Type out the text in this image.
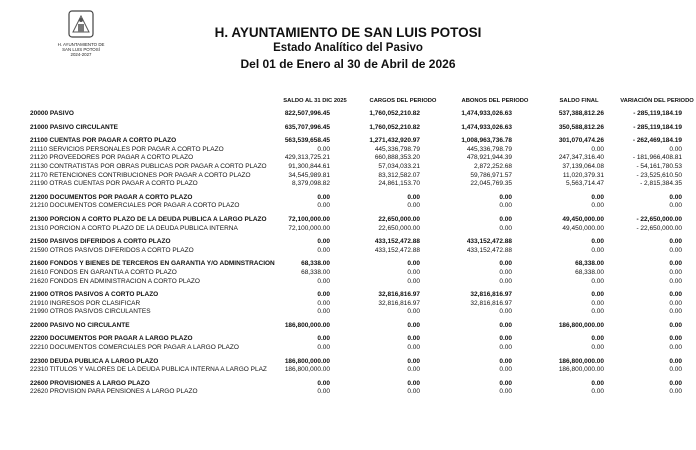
H. AYUNTAMIENTO DE
SAN LUIS POTOSÍ
2024-2027

H. AYUNTAMIENTO DE SAN LUIS POTOSI

Estado Analítico del Pasivo

Del 01 de Enero al 30 de Abril de 2026

SALDO AL 31 DIC 2025	CARGOS DEL PERIODO	ABONOS DEL PERIODO	SALDO FINAL	VARIACIÓN DEL PERIODO
20000 PASIVO	822,507,996.45	1,760,052,210.82	1,474,933,026.63	537,388,812.26	- 285,119,184.19
21000 PASIVO CIRCULANTE	635,707,996.45	1,760,052,210.82	1,474,933,026.63	350,588,812.26	- 285,119,184.19
21100 CUENTAS POR PAGAR A CORTO PLAZO	563,539,658.45	1,271,432,920.97	1,008,963,736.78	301,070,474.26	- 262,469,184.19
21110 SERVICIOS PERSONALES POR PAGAR A CORTO PLAZO	0.00	445,336,798.79	445,336,798.79	0.00	0.00
21120 PROVEEDORES POR PAGAR A CORTO PLAZO	429,313,725.21	660,888,353.20	478,921,944.39	247,347,316.40	- 181,966,408.81
21130 CONTRATISTAS POR OBRAS PUBLICAS POR PAGAR A CORTO PLAZO	91,300,844.61	57,034,033.21	2,872,252.68	37,139,064.08	- 54,161,780.53
21170 RETENCIONES CONTRIBUCIONES POR PAGAR A CORTO PLAZO	34,545,989.81	83,312,582.07	59,786,971.57	11,020,379.31	- 23,525,610.50
21190 OTRAS CUENTAS POR PAGAR A CORTO PLAZO	8,379,098.82	24,861,153.70	22,045,769.35	5,563,714.47	- 2,815,384.35
21200 DOCUMENTOS POR PAGAR A CORTO PLAZO	0.00	0.00	0.00	0.00	0.00
21210 DOCUMENTOS COMERCIALES POR PAGAR A CORTO PLAZO	0.00	0.00	0.00	0.00	0.00
21300 PORCION A CORTO PLAZO DE LA DEUDA PUBLICA A LARGO PLAZO	72,100,000.00	22,650,000.00	0.00	49,450,000.00	- 22,650,000.00
21310 PORCION A CORTO PLAZO DE LA DEUDA PUBLICA INTERNA	72,100,000.00	22,650,000.00	0.00	49,450,000.00	- 22,650,000.00
21500 PASIVOS DIFERIDOS A CORTO PLAZO	0.00	433,152,472.88	433,152,472.88	0.00	0.00
21590 OTROS PASIVOS DIFERIDOS A CORTO PLAZO	0.00	433,152,472.88	433,152,472.88	0.00	0.00
21600 FONDOS Y BIENES DE TERCEROS EN GARANTIA Y/O ADMINSTRACION	68,338.00	0.00	0.00	68,338.00	0.00
21610 FONDOS EN GARANTIA A CORTO PLAZO	68,338.00	0.00	0.00	68,338.00	0.00
21620 FONDOS EN ADMINISTRACION A CORTO PLAZO	0.00	0.00	0.00	0.00	0.00
21900 OTROS PASIVOS A CORTO PLAZO	0.00	32,816,816.97	32,816,816.97	0.00	0.00
21910 INGRESOS POR CLASIFICAR	0.00	32,816,816.97	32,816,816.97	0.00	0.00
21990 OTROS PASIVOS CIRCULANTES	0.00	0.00	0.00	0.00	0.00
22000 PASIVO NO CIRCULANTE	186,800,000.00	0.00	0.00	186,800,000.00	0.00
22200 DOCUMENTOS POR PAGAR A LARGO PLAZO	0.00	0.00	0.00	0.00	0.00
22210 DOCUMENTOS COMERCIALES POR PAGAR A LARGO PLAZO	0.00	0.00	0.00	0.00	0.00
22300 DEUDA PUBLICA A LARGO PLAZO	186,800,000.00	0.00	0.00	186,800,000.00	0.00
22310 TITULOS Y VALORES DE LA DEUDA PUBLICA INTERNA A LARGO PLAZ	186,800,000.00	0.00	0.00	186,800,000.00	0.00
22600 PROVISIONES A LARGO PLAZO	0.00	0.00	0.00	0.00	0.00
22620 PROVISION PARA PENSIONES A LARGO PLAZO	0.00	0.00	0.00	0.00	0.00
